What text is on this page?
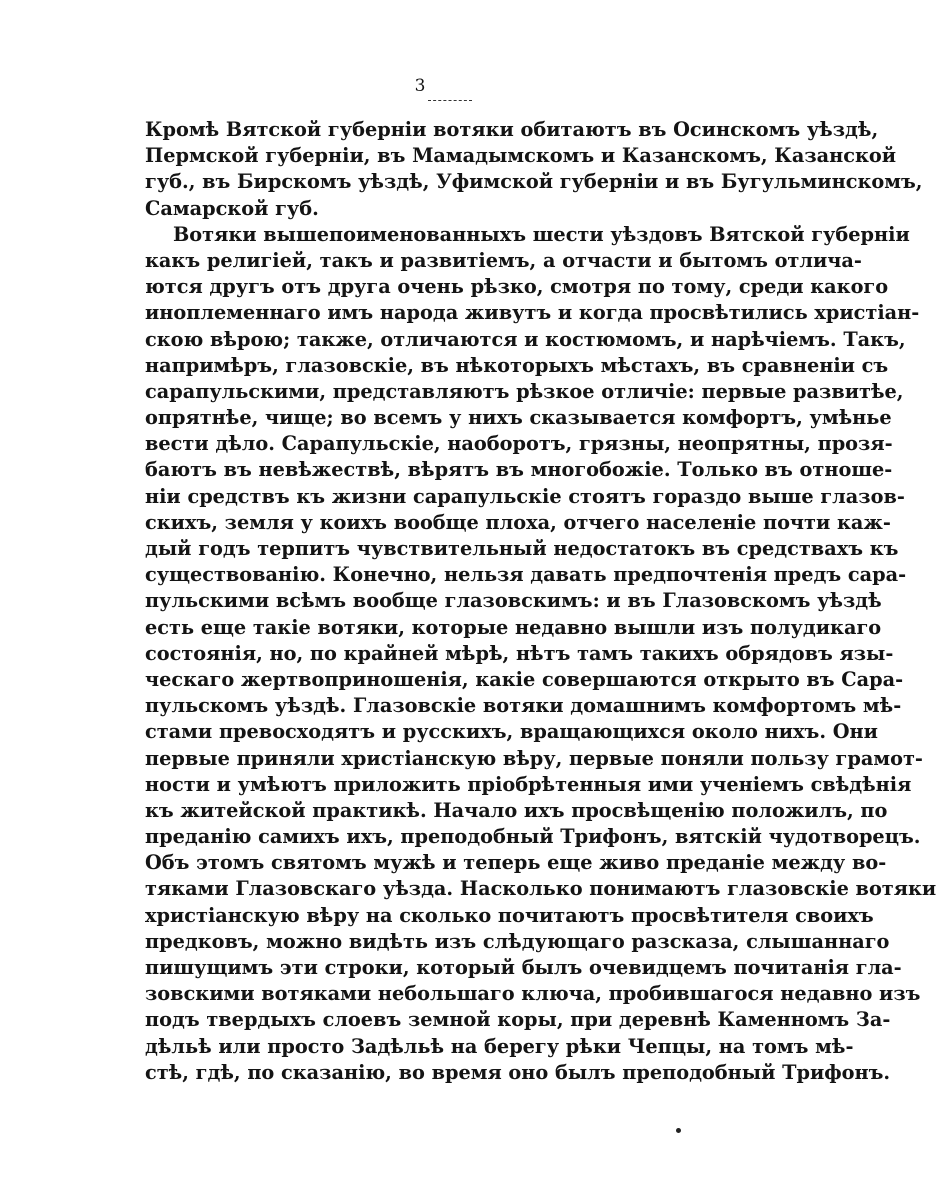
3
Кромѣ Вятской губерніи вотяки обитаютъ въ Осинскомъ уѣздѣ,
Пермской губерніи, въ Мамадымскомъ и Казанскомъ, Казанской
губ., въ Бирскомъ уѣздѣ, Уфимской губерніи и въ Бугульминскомъ,
Самарской губ.
Вотяки вышепоименованныхъ шести уѣздовъ Вятской губерніи
какъ религіей, такъ и развитіемъ, а отчасти и бытомъ отлича-
ются другъ отъ друга очень рѣзко, смотря по тому, среди какого
иноплеменнаго имъ народа живутъ и когда просвѣтились христіан-
скою вѣрою; также, отличаются и костюмомъ, и нарѣчіемъ. Такъ,
напримѣръ, глазовскіе, въ нѣкоторыхъ мѣстахъ, въ сравненіи съ
сарапульскими, представляютъ рѣзкое отличіе: первые развитѣе,
опрятнѣе, чище; во всемъ у нихъ сказывается комфортъ, умѣнье
вести дѣло. Сарапульскіе, наоборотъ, грязны, неопрятны, прозя-
баютъ въ невѣжествѣ, вѣрятъ въ многобожіе. Только въ отноше-
ніи средствъ къ жизни сарапульскіе стоятъ гораздо выше глазов-
скихъ, земля у коихъ вообще плоха, отчего населеніе почти каж-
дый годъ терпитъ чувствительный недостатокъ въ средствахъ къ
существованію. Конечно, нельзя давать предпочтенія предъ сара-
пульскими всѣмъ вообще глазовскимъ: и въ Глазовскомъ уѣздѣ
есть еще такіе вотяки, которые недавно вышли изъ полудикаго
состоянія, но, по крайней мѣрѣ, нѣтъ тамъ такихъ обрядовъ язы-
ческаго жертвоприношенія, какіе совершаются открыто въ Сара-
пульскомъ уѣздѣ. Глазовскіе вотяки домашнимъ комфортомъ мѣ-
стами превосходятъ и русскихъ, вращающихся около нихъ. Они
первые приняли христіанскую вѣру, первые поняли пользу грамот-
ности и умѣютъ приложить пріобрѣтенныя ими ученіемъ свѣдѣнія
къ житейской практикѣ. Начало ихъ просвѣщенію положилъ, по
преданію самихъ ихъ, преподобный Трифонъ, вятскій чудотворецъ.
Объ этомъ святомъ мужѣ и теперь еще живо преданіе между во-
тяками Глазовскаго уѣзда. Насколько понимаютъ глазовскіе вотяки
христіанскую вѣру на сколько почитаютъ просвѣтителя своихъ
предковъ, можно видѣть изъ слѣдующаго разсказа, слышаннаго
пишущимъ эти строки, который былъ очевидцемъ почитанія гла-
зовскими вотяками небольшаго ключа, пробившагося недавно изъ
подъ твердыхъ слоевъ земной коры, при деревнѣ Каменномъ За-
дѣльѣ или просто Задѣльѣ на берегу рѣки Чепцы, на томъ мѣ-
стѣ, гдѣ, по сказанію, во время оно былъ преподобный Трифонъ.
